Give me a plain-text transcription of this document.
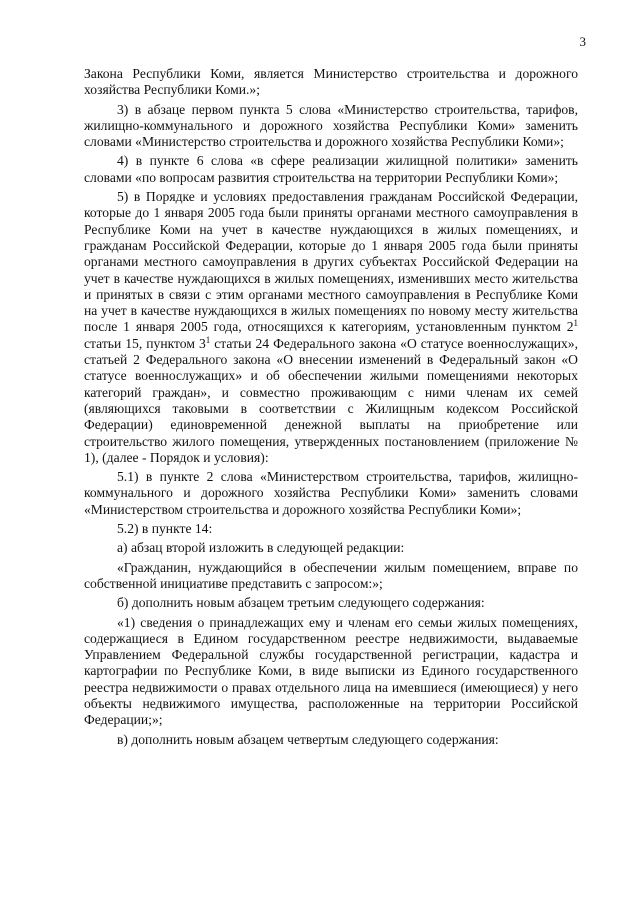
3

Закона Республики Коми, является Министерство строительства и дорожного хозяйства Республики Коми.»;

3) в абзаце первом пункта 5 слова «Министерство строительства, тарифов, жилищно-коммунального и дорожного хозяйства Республики Коми» заменить словами «Министерство строительства и дорожного хозяйства Республики Коми»;

4) в пункте 6 слова «в сфере реализации жилищной политики» заменить словами «по вопросам развития строительства на территории Республики Коми»;

5) в Порядке и условиях предоставления гражданам Российской Федерации, которые до 1 января 2005 года были приняты органами местного самоуправления в Республике Коми на учет в качестве нуждающихся в жилых помещениях, и гражданам Российской Федерации, которые до 1 января 2005 года были приняты органами местного самоуправления в других субъектах Российской Федерации на учет в качестве нуждающихся в жилых помещениях, изменивших место жительства и принятых в связи с этим органами местного самоуправления в Республике Коми на учет в качестве нуждающихся в жилых помещениях по новому месту жительства после 1 января 2005 года, относящихся к категориям, установленным пунктом $2^1$ статьи 15, пунктом $3^1$ статьи 24 Федерального закона «О статусе военнослужащих», статьей 2 Федерального закона «О внесении изменений в Федеральный закон «О статусе военнослужащих» и об обеспечении жилыми помещениями некоторых категорий граждан», и совместно проживающим с ними членам их семей (являющихся таковыми в соответствии с Жилищным кодексом Российской Федерации) единовременной денежной выплаты на приобретение или строительство жилого помещения, утвержденных постановлением (приложение № 1), (далее - Порядок и условия):

5.1) в пункте 2 слова «Министерством строительства, тарифов, жилищно-коммунального и дорожного хозяйства Республики Коми» заменить словами «Министерством строительства и дорожного хозяйства Республики Коми»;

5.2) в пункте 14:

а) абзац второй изложить в следующей редакции:

«Гражданин, нуждающийся в обеспечении жилым помещением, вправе по собственной инициативе представить с запросом:»;

б) дополнить новым абзацем третьим следующего содержания:

«1) сведения о принадлежащих ему и членам его семьи жилых помещениях, содержащиеся в Едином государственном реестре недвижимости, выдаваемые Управлением Федеральной службы государственной регистрации, кадастра и картографии по Республике Коми, в виде выписки из Единого государственного реестра недвижимости о правах отдельного лица на имевшиеся (имеющиеся) у него объекты недвижимого имущества, расположенные на территории Российской Федерации;»;

в) дополнить новым абзацем четвертым следующего содержания:
